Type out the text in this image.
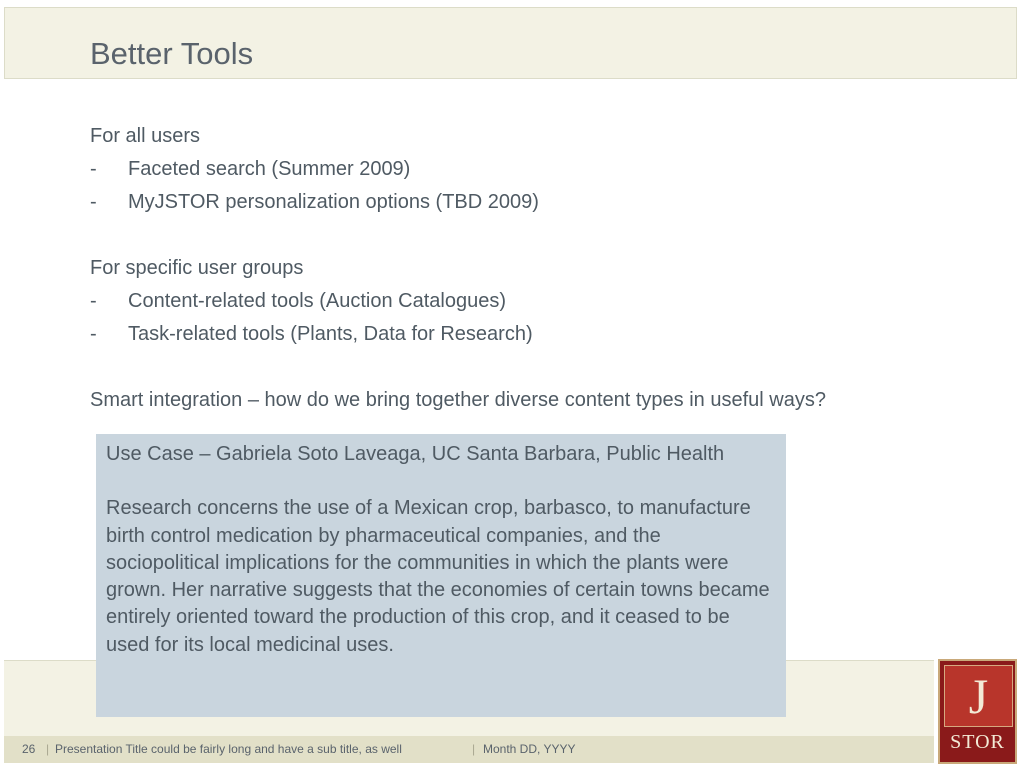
Better Tools
For all users
- Faceted search (Summer 2009)
- MyJSTOR personalization options (TBD 2009)
For specific user groups
- Content-related tools (Auction Catalogues)
- Task-related tools (Plants, Data for Research)
Smart integration – how do we bring together diverse content types in useful ways?
26 | Presentation Title could be fairly long and have a sub title, as well	| Month DD, YYYY

Use Case – Gabriela Soto Laveaga, UC Santa Barbara, Public Health

Research concerns the use of a Mexican crop, barbasco, to manufacture birth control medication by pharmaceutical companies, and the sociopolitical implications for the communities in which the plants were grown. Her narrative suggests that the economies of certain towns became entirely oriented toward the production of this crop, and it ceased to be used for its local medicinal uses.

J
STOR
